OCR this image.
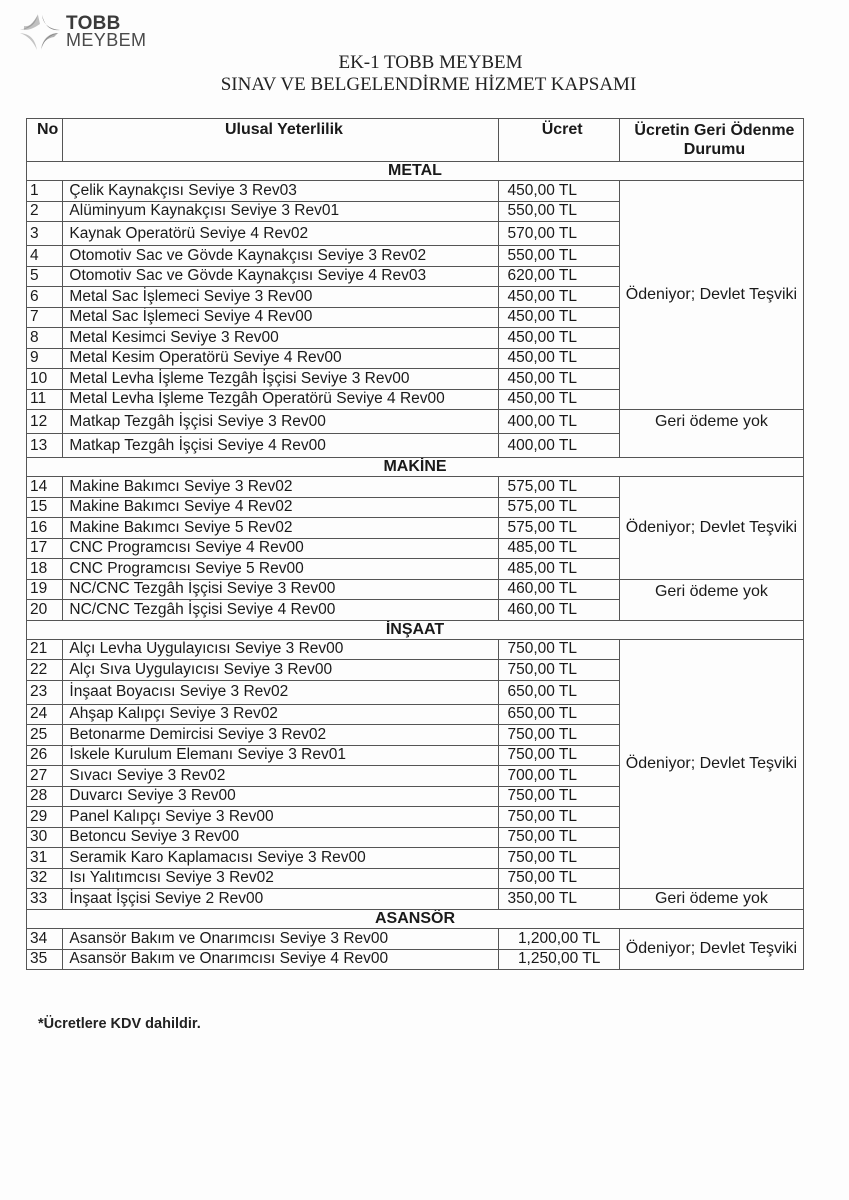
TOBB
MEYBEM
EK-1 TOBB MEYBEM
SINAV VE BELGELENDİRME HİZMET KAPSAMI
No	Ulusal Yeterlilik	Ücret	Ücretin Geri Ödenme Durumu
METAL			
1	Çelik Kaynakçısı Seviye 3 Rev03	450,00 TL	Ödeniyor; Devlet Teşviki
2	Alüminyum Kaynakçısı Seviye 3 Rev01	550,00 TL	
3	Kaynak Operatörü Seviye 4 Rev02	570,00 TL	
4	Otomotiv Sac ve Gövde Kaynakçısı Seviye 3 Rev02	550,00 TL	
5	Otomotiv Sac ve Gövde Kaynakçısı Seviye 4 Rev03	620,00 TL	
6	Metal Sac İşlemeci Seviye 3 Rev00	450,00 TL	
7	Metal Sac İşlemeci Seviye 4 Rev00	450,00 TL	
8	Metal Kesimci Seviye 3 Rev00	450,00 TL	
9	Metal Kesim Operatörü Seviye 4 Rev00	450,00 TL	
10	Metal Levha İşleme Tezgâh İşçisi Seviye 3 Rev00	450,00 TL	
11	Metal Levha İşleme Tezgâh Operatörü Seviye 4 Rev00	450,00 TL	
12	Matkap Tezgâh İşçisi Seviye 3 Rev00	400,00 TL	Geri ödeme yok
13	Matkap Tezgâh İşçisi Seviye 4 Rev00	400,00 TL	
MAKİNE			
14	Makine Bakımcı Seviye 3 Rev02	575,00 TL	Ödeniyor; Devlet Teşviki
15	Makine Bakımcı Seviye 4 Rev02	575,00 TL	
16	Makine Bakımcı Seviye 5 Rev02	575,00 TL	
17	CNC Programcısı Seviye 4 Rev00	485,00 TL	
18	CNC Programcısı Seviye 5 Rev00	485,00 TL	
19	NC/CNC Tezgâh İşçisi Seviye 3 Rev00	460,00 TL	Geri ödeme yok
20	NC/CNC Tezgâh İşçisi Seviye 4 Rev00	460,00 TL	
İNŞAAT			
21	Alçı Levha Uygulayıcısı Seviye 3 Rev00	750,00 TL	Ödeniyor; Devlet Teşviki
22	Alçı Sıva Uygulayıcısı Seviye 3 Rev00	750,00 TL	
23	İnşaat Boyacısı Seviye 3 Rev02	650,00 TL	
24	Ahşap Kalıpçı Seviye 3 Rev02	650,00 TL	
25	Betonarme Demircisi Seviye 3 Rev02	750,00 TL	
26	İskele Kurulum Elemanı Seviye 3 Rev01	750,00 TL	
27	Sıvacı Seviye 3 Rev02	700,00 TL	
28	Duvarcı Seviye 3 Rev00	750,00 TL	
29	Panel Kalıpçı Seviye 3 Rev00	750,00 TL	
30	Betoncu Seviye 3 Rev00	750,00 TL	
31	Seramik Karo Kaplamacısı Seviye 3 Rev00	750,00 TL	
32	Isı Yalıtımcısı Seviye 3 Rev02	750,00 TL	
33	İnşaat İşçisi Seviye 2 Rev00	350,00 TL	Geri ödeme yok
ASANSÖR			
34	Asansör Bakım ve Onarımcısı Seviye 3 Rev00	1,200,00 TL	Ödeniyor; Devlet Teşviki
35	Asansör Bakım ve Onarımcısı Seviye 4 Rev00	1,250,00 TL	
*Ücretlere KDV dahildir.
